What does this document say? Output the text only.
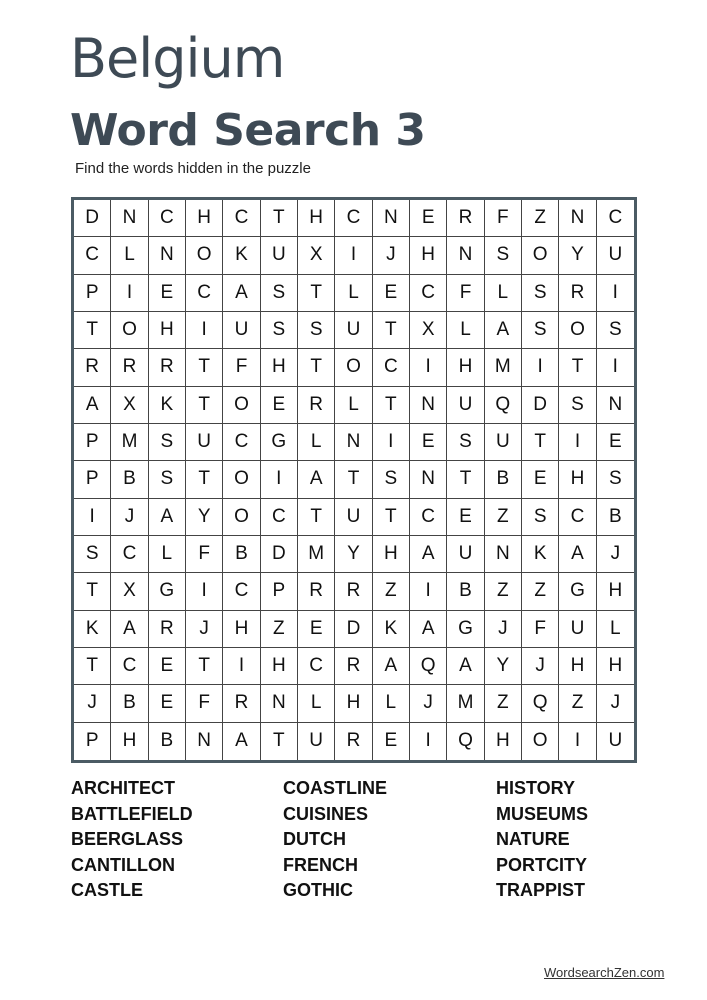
Belgium
Word Search 3
Find the words hidden in the puzzle
D	N	C	H	C	T	H	C	N	E	R	F	Z	N	C
C	L	N	O	K	U	X	I	J	H	N	S	O	Y	U
P	I	E	C	A	S	T	L	E	C	F	L	S	R	I
T	O	H	I	U	S	S	U	T	X	L	A	S	O	S
R	R	R	T	F	H	T	O	C	I	H	M	I	T	I
A	X	K	T	O	E	R	L	T	N	U	Q	D	S	N
P	M	S	U	C	G	L	N	I	E	S	U	T	I	E
P	B	S	T	O	I	A	T	S	N	T	B	E	H	S
I	J	A	Y	O	C	T	U	T	C	E	Z	S	C	B
S	C	L	F	B	D	M	Y	H	A	U	N	K	A	J
T	X	G	I	C	P	R	R	Z	I	B	Z	Z	G	H
K	A	R	J	H	Z	E	D	K	A	G	J	F	U	L
T	C	E	T	I	H	C	R	A	Q	A	Y	J	H	H
J	B	E	F	R	N	L	H	L	J	M	Z	Q	Z	J
P	H	B	N	A	T	U	R	E	I	Q	H	O	I	U
ARCHITECT
BATTLEFIELD
BEERGLASS
CANTILLON
CASTLE
COASTLINE
CUISINES
DUTCH
FRENCH
GOTHIC
HISTORY
MUSEUMS
NATURE
PORTCITY
TRAPPIST
WordsearchZen.com
